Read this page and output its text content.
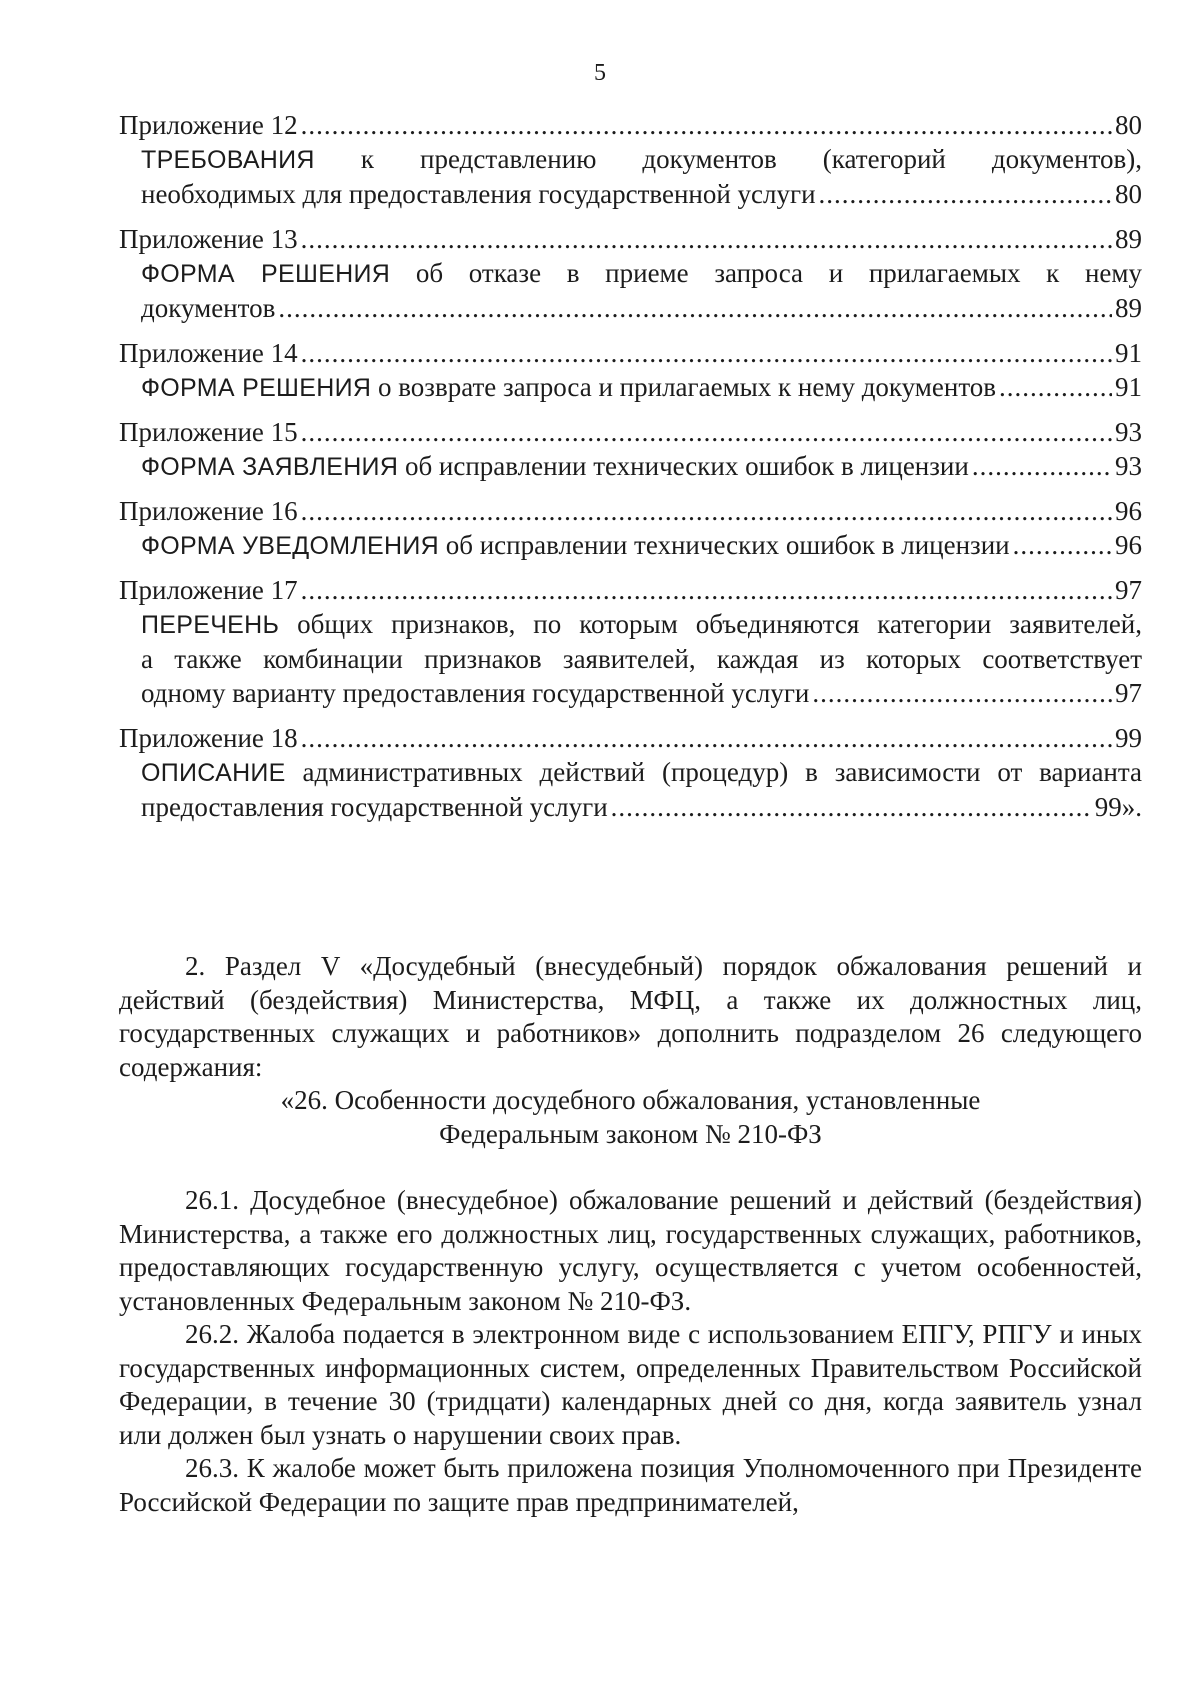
5
Приложение 12 .....	80
ТРЕБОВАНИЯ к представлению документов (категорий документов),
необходимых для предоставления государственной услуги .....	80
Приложение 13 .....	89
ФОРМА РЕШЕНИЯ об отказе в приеме запроса и прилагаемых к нему
документов .....	89
Приложение 14 .....	91
ФОРМА РЕШЕНИЯ о возврате запроса и прилагаемых к нему документов .....	91
Приложение 15 .....	93
ФОРМА ЗАЯВЛЕНИЯ об исправлении технических ошибок в лицензии .....	93
Приложение 16 .....	96
ФОРМА УВЕДОМЛЕНИЯ об исправлении технических ошибок в лицензии .....	96
Приложение 17 .....	97
ПЕРЕЧЕНЬ общих признаков, по которым объединяются категории заявителей,
а также комбинации признаков заявителей, каждая из которых соответствует
одному варианту предоставления государственной услуги .....	97
Приложение 18 .....	99
ОПИСАНИЕ административных действий (процедур) в зависимости от варианта
предоставления государственной услуги .....	99».

2. Раздел V «Досудебный (внесудебный) порядок обжалования решений и действий (бездействия) Министерства, МФЦ, а также их должностных лиц, государственных служащих и работников» дополнить подразделом 26 следующего содержания:

«26. Особенности досудебного обжалования, установленные

Федеральным законом № 210-ФЗ

26.1. Досудебное (внесудебное) обжалование решений и действий (бездействия) Министерства, а также его должностных лиц, государственных служащих, работников, предоставляющих государственную услугу, осуществляется с учетом особенностей, установленных Федеральным законом № 210-ФЗ.

26.2. Жалоба подается в электронном виде с использованием ЕПГУ, РПГУ и иных государственных информационных систем, определенных Правительством Российской Федерации, в течение 30 (тридцати) календарных дней со дня, когда заявитель узнал или должен был узнать о нарушении своих прав.

26.3. К жалобе может быть приложена позиция Уполномоченного при Президенте Российской Федерации по защите прав предпринимателей,
